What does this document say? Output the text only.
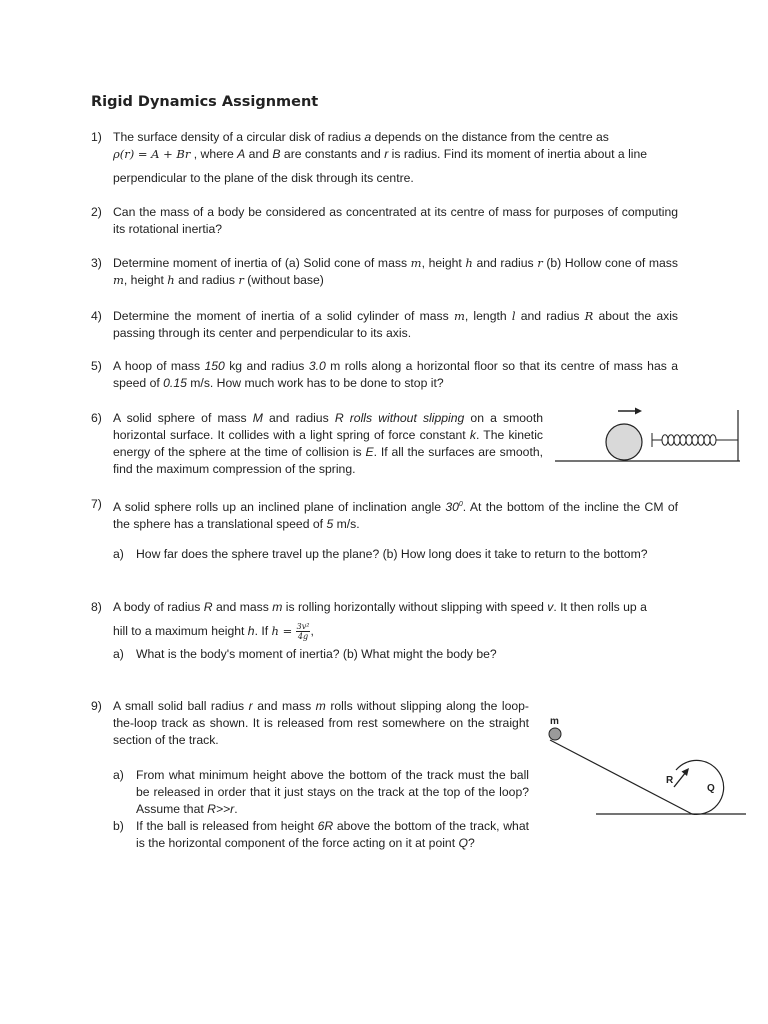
Rigid Dynamics Assignment
1) The surface density of a circular disk of radius a depends on the distance from the centre as
ρ(r) = A + Br , where A and B are constants and r is radius. Find its moment of inertia about a line
perpendicular to the plane of the disk through its centre.
2) Can the mass of a body be considered as concentrated at its centre of mass for purposes of computing its rotational inertia?
3) Determine moment of inertia of (a) Solid cone of mass m, height h and radius r (b) Hollow cone of mass m, height h and radius r (without base)
4) Determine the moment of inertia of a solid cylinder of mass m, length l and radius R about the axis passing through its center and perpendicular to its axis.
5) A hoop of mass 150 kg and radius 3.0 m rolls along a horizontal floor so that its centre of mass has a speed of 0.15 m/s. How much work has to be done to stop it?
6) A solid sphere of mass M and radius R rolls without slipping on a smooth horizontal surface. It collides with a light spring of force constant k. The kinetic energy of the sphere at the time of collision is E. If all the surfaces are smooth, find the maximum compression of the spring.
7) A solid sphere rolls up an inclined plane of inclination angle $30^0$. At the bottom of the incline the CM of the sphere has a translational speed of 5 m/s.
a) How far does the sphere travel up the plane? (b) How long does it take to return to the bottom?
8) A body of radius R and mass m is rolling horizontally without slipping with speed v. It then rolls up a
hill to a maximum height h. If $h = \frac{\text{3v²}}{4g}$ ,
a) What is the body's moment of inertia? (b) What might the body be?
9) A small solid ball radius r and mass m rolls without slipping along the loop-the-loop track as shown. It is released from rest somewhere on the straight section of the track.
a) From what minimum height above the bottom of the track must the ball be released in order that it just stays on the track at the top of the loop? Assume that R>>r.
b) If the ball is released from height 6R above the bottom of the track, what is the horizontal component of the force acting on it at point Q?
m
R
Q
